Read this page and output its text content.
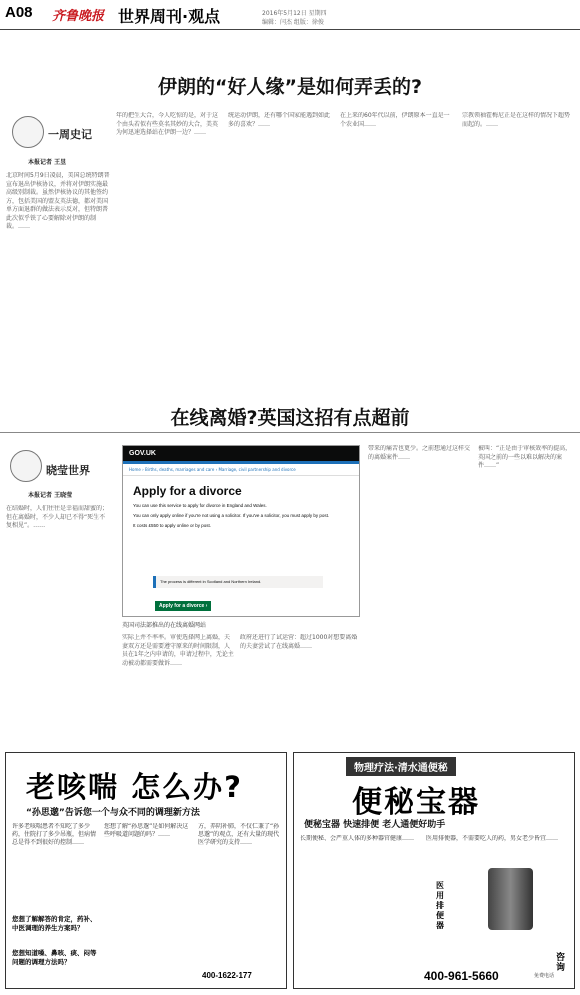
A08 齐鲁晚报 世界周刊·观点	2016年5月12日 星期四
编辑：闫杰 组版：徐俊
伊朗的“好人缘”是如何弄丢的?
一周史记
本报记者 王昱
北京时间5月9日凌晨，美国总统特朗普宣布退出伊核协议，并将对伊朗实施最高级别制裁。虽然伊核协议的其他签约方，包括美国的盟友英法德，都对美国单方面退群的做法表示反对，但特朗普此次似乎铁了心要解除对伊朗的制裁。……
年的把生大合，今人吃惊的是，对于这个由头若似有些莫名其妙的大合，美英为何迅速选择站在伊朗一边？……
统运动伊朗，还有哪个国家能遇到如此多的喜欢？……
在上来的60年代以前，伊朗原本一直是一个农业国……
宗教领袖霍梅尼正是在这样的情况下超势而起的。……
在线离婚?英国这招有点超前
晓莹世界
本报记者 王晓莹
在结婚时，人们往往是幸福而甜蜜的；但在离婚时，不少人却已不得“死生不复相见”。……
GOV.UK
Home › Births, deaths, marriages and care › Marriage, civil partnership and divorce
Apply for a divorce
You can use this service to apply for divorce in England and Wales.
You can only apply online if you're not using a solicitor. If you've a solicitor, you must apply by post.
It costs £550 to apply online or by post.
The process is different in Scotland and Northern Ireland.
Apply for a divorce ›
英国司法部推出的在线离婚网站
带来的痛苦也更少。之前想通过这样交的离婚案件……
被叫：“正是由于审核效率的提高，英国之前的一些以难以解决的案件……”
实际上并不率率。审使选择网上离婚，夫妻双方还是需要遵守原来的时间限制，人员在1年之内申请的，申请过程中，无论主动被动都需要做诉……
政府还进行了试运营：超过1000对想要离婚的夫妻尝试了在线离婚……
老咳喘 怎么办?
“孙思邈”告诉您一个与众不同的调理新方法
许多老咳喘患者不知吃了多少药，住院打了多少吊瓶，但病情总是得不到很好的控制……
您想了解解答的肯定，药补、中医调理的养生方案吗？
您想了解“孙思邈”是如何解决这些呼吸道问题的吗？……
方，养阴补肺，不仅仁兼了“孙思邈”的观点，还有大量的现代医学研究的支持……
您想知道嗓、鼻咳、痰、闷等问题的调理方法吗？
400-1622-177
物理疗法·清水通便秘
便秘宝器
便秘宝器 快速排便 老人通便好助手
长期便秘、会严重人体的多种器官健康……	医用排便器，不需要吃人的药，男女老少皆宜……
医用排便器
咨询
400-961-5660	免费电话
